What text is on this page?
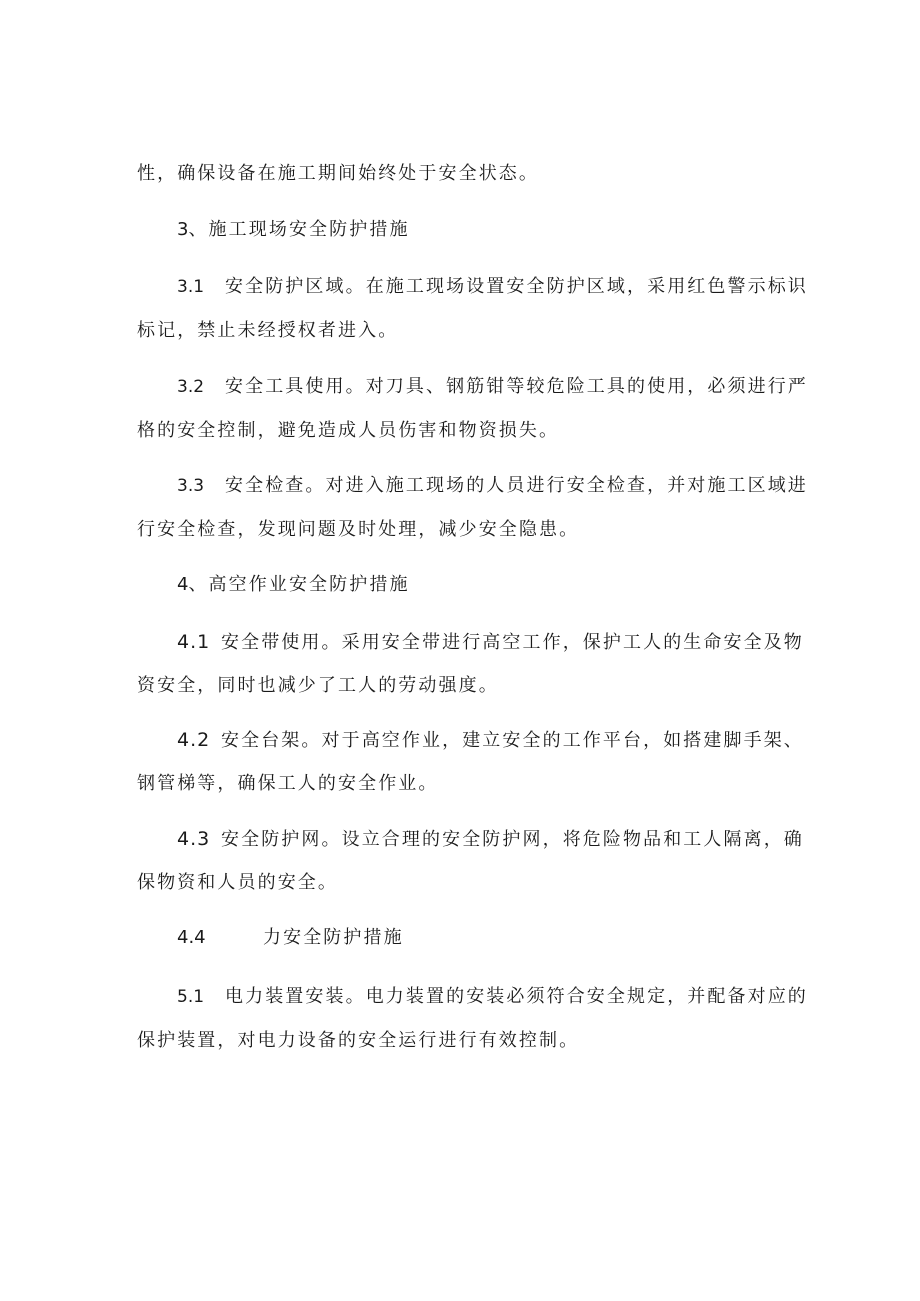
性，确保设备在施工期间始终处于安全状态。
3、施工现场安全防护措施
3.1 安全防护区域。在施工现场设置安全防护区域，采用红色警示标识
标记，禁止未经授权者进入。
3.2 安全工具使用。对刀具、钢筋钳等较危险工具的使用，必须进行严
格的安全控制，避免造成人员伤害和物资损失。
3.3 安全检查。对进入施工现场的人员进行安全检查，并对施工区域进
行安全检查，发现问题及时处理，减少安全隐患。
4、高空作业安全防护措施
4.1 安全带使用。采用安全带进行高空工作，保护工人的生命安全及物
资安全，同时也减少了工人的劳动强度。
4.2 安全台架。对于高空作业，建立安全的工作平台，如搭建脚手架、
钢管梯等，确保工人的安全作业。
4.3 安全防护网。设立合理的安全防护网，将危险物品和工人隔离，确
保物资和人员的安全。
4.4	力安全防护措施
5.1 电力装置安装。电力装置的安装必须符合安全规定，并配备对应的
保护装置，对电力设备的安全运行进行有效控制。
